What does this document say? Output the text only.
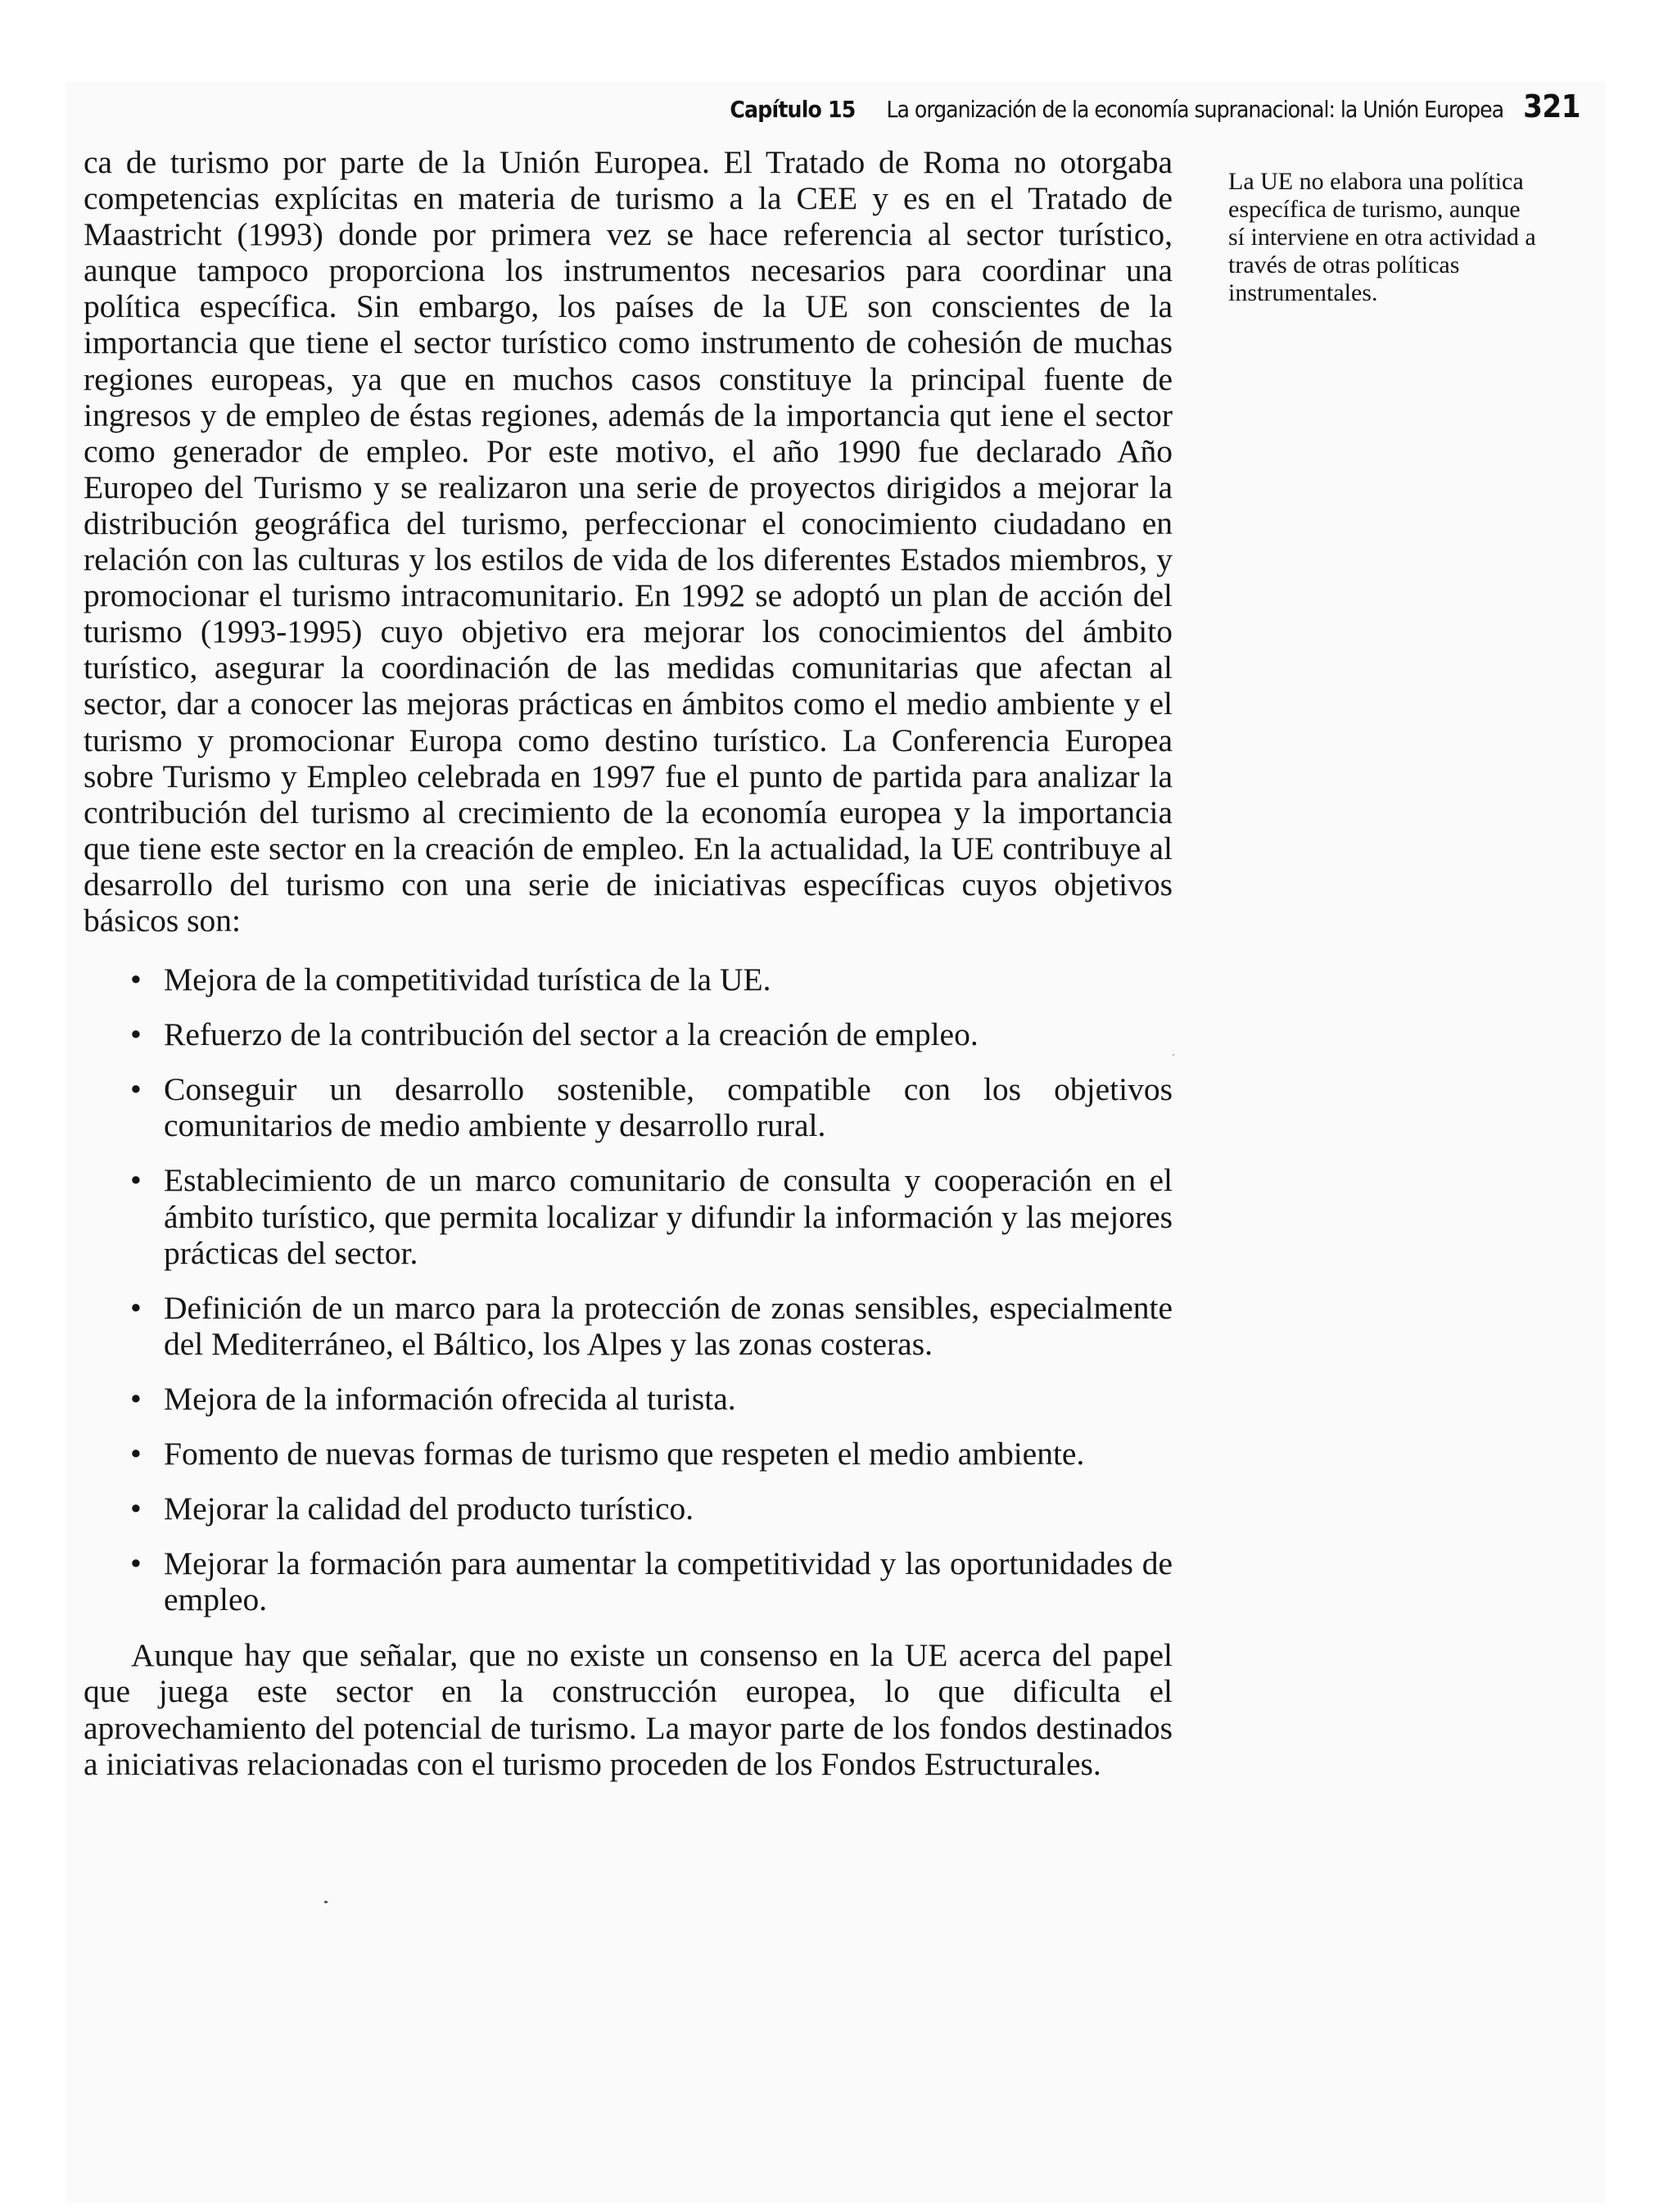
Capítulo 15 La organización de la economía supranacional: la Unión Europea 321

ca de turismo por parte de la Unión Europea. El Tratado de Roma no otorgaba competencias explícitas en materia de turismo a la CEE y es en el Tratado de Maastricht (1993) donde por primera vez se hace referencia al sector turístico, aunque tampoco proporciona los instrumentos necesarios para coordinar una política específica. Sin embargo, los países de la UE son conscientes de la importancia que tiene el sector turístico como instrumento de cohesión de muchas regiones europeas, ya que en muchos casos constituye la principal fuente de ingresos y de empleo de éstas regiones, además de la importancia qut iene el sector como generador de empleo. Por este motivo, el año 1990 fue declarado Año Europeo del Turismo y se realizaron una serie de proyectos dirigidos a mejorar la distribución geográfica del turismo, perfeccionar el conocimiento ciudadano en relación con las culturas y los estilos de vida de los diferentes Estados miembros, y promocionar el turismo intracomunitario. En 1992 se adoptó un plan de acción del turismo (1993-1995) cuyo objetivo era mejorar los conocimientos del ámbito turístico, asegurar la coordinación de las medidas comunitarias que afectan al sector, dar a conocer las mejoras prácticas en ámbitos como el medio ambiente y el turismo y promocionar Europa como destino turístico. La Conferencia Europea sobre Turismo y Empleo celebrada en 1997 fue el punto de partida para analizar la contribución del turismo al crecimiento de la economía europea y la importancia que tiene este sector en la creación de empleo. En la actualidad, la UE contribuye al desarrollo del turismo con una serie de iniciativas específicas cuyos objetivos básicos son:

• Mejora de la competitividad turística de la UE.
• Refuerzo de la contribución del sector a la creación de empleo.
• Conseguir un desarrollo sostenible, compatible con los objetivos comunitarios de medio ambiente y desarrollo rural.
• Establecimiento de un marco comunitario de consulta y cooperación en el ámbito turístico, que permita localizar y difundir la información y las mejores prácticas del sector.
• Definición de un marco para la protección de zonas sensibles, especialmente del Mediterráneo, el Báltico, los Alpes y las zonas costeras.
• Mejora de la información ofrecida al turista.
• Fomento de nuevas formas de turismo que respeten el medio ambiente.
• Mejorar la calidad del producto turístico.
• Mejorar la formación para aumentar la competitividad y las oportunidades de empleo.

Aunque hay que señalar, que no existe un consenso en la UE acerca del papel que juega este sector en la construcción europea, lo que dificulta el aprovechamiento del potencial de turismo. La mayor parte de los fondos destinados a iniciativas relacionadas con el turismo proceden de los Fondos Estructurales.

La UE no elabora una política específica de turismo, aunque sí interviene en otra actividad a través de otras políticas instrumentales.
